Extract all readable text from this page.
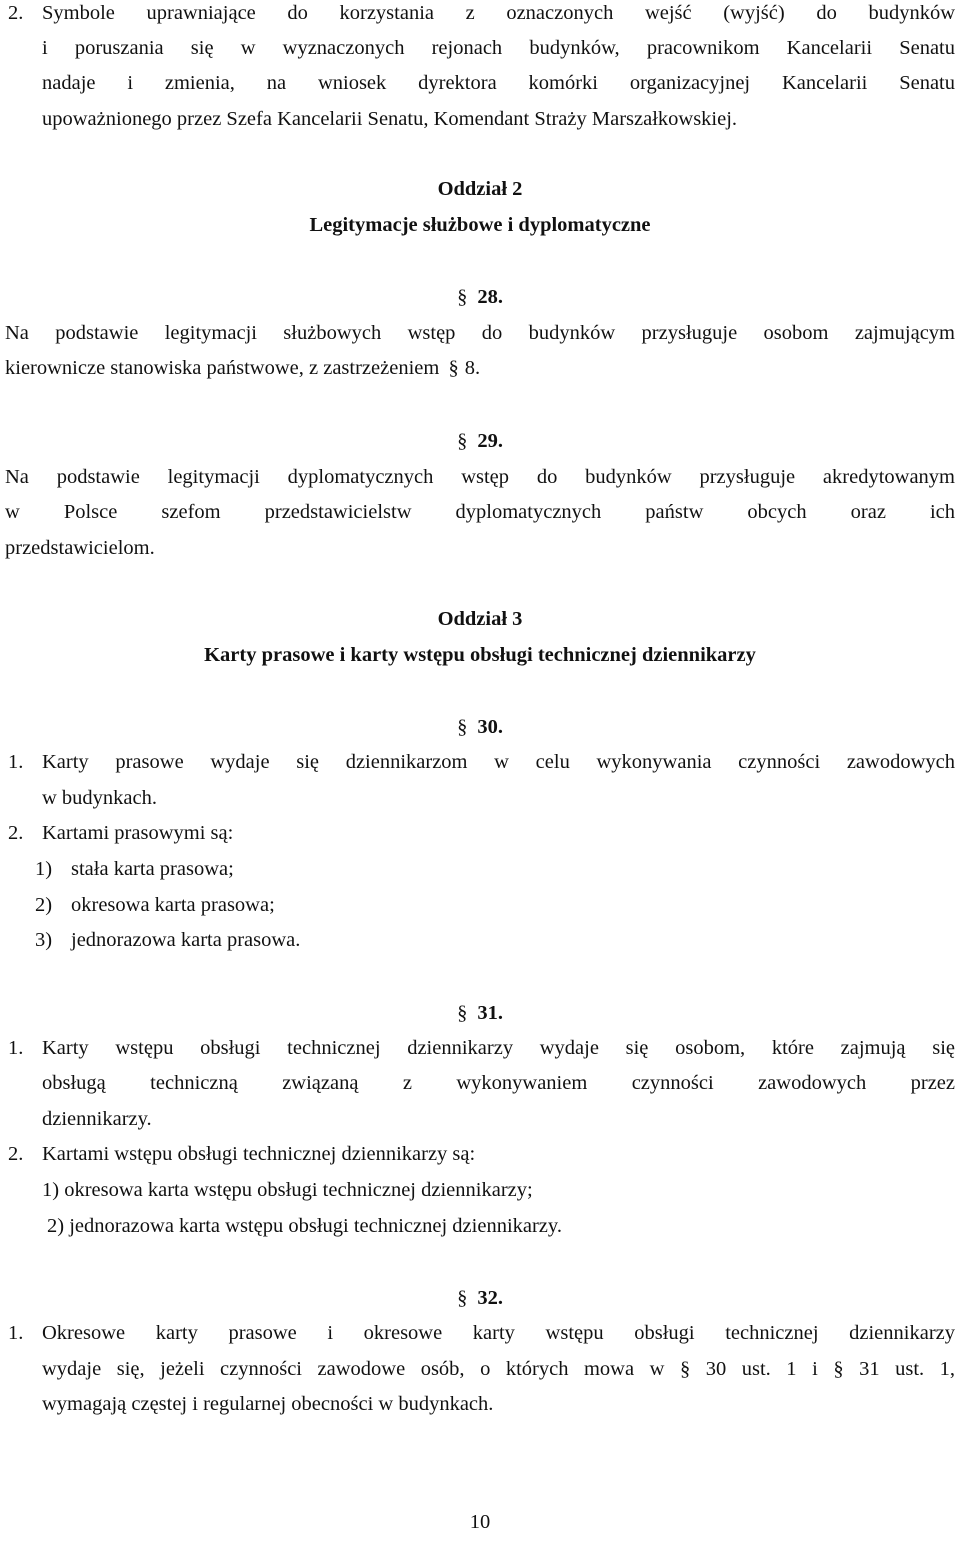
2. Symbole uprawniające do korzystania z oznaczonych wejść (wyjść) do budynków
i poruszania się w wyznaczonych rejonach budynków, pracownikom Kancelarii Senatu
nadaje i zmienia, na wniosek dyrektora komórki organizacyjnej Kancelarii Senatu
upoważnionego przez Szefa Kancelarii Senatu, Komendant Straży Marszałkowskiej.
Oddział 2
Legitymacje służbowe i dyplomatyczne
§ 28.
Na podstawie legitymacji służbowych wstęp do budynków przysługuje osobom zajmującym
kierownicze stanowiska państwowe, z zastrzeżeniem § 8.
§ 29.
Na podstawie legitymacji dyplomatycznych wstęp do budynków przysługuje akredytowanym
w Polsce szefom przedstawicielstw dyplomatycznych państw obcych oraz ich
przedstawicielom.
Oddział 3
Karty prasowe i karty wstępu obsługi technicznej dziennikarzy
§ 30.
1. Karty prasowe wydaje się dziennikarzom w celu wykonywania czynności zawodowych
w budynkach.
2. Kartami prasowymi są:
1) stała karta prasowa;
2) okresowa karta prasowa;
3) jednorazowa karta prasowa.
§ 31.
1. Karty wstępu obsługi technicznej dziennikarzy wydaje się osobom, które zajmują się
obsługą techniczną związaną z wykonywaniem czynności zawodowych przez
dziennikarzy.
2. Kartami wstępu obsługi technicznej dziennikarzy są:
1) okresowa karta wstępu obsługi technicznej dziennikarzy;
2) jednorazowa karta wstępu obsługi technicznej dziennikarzy.
§ 32.
1. Okresowe karty prasowe i okresowe karty wstępu obsługi technicznej dziennikarzy
wydaje się, jeżeli czynności zawodowe osób, o których mowa w § 30 ust. 1 i § 31 ust. 1,
wymagają częstej i regularnej obecności w budynkach.
10
